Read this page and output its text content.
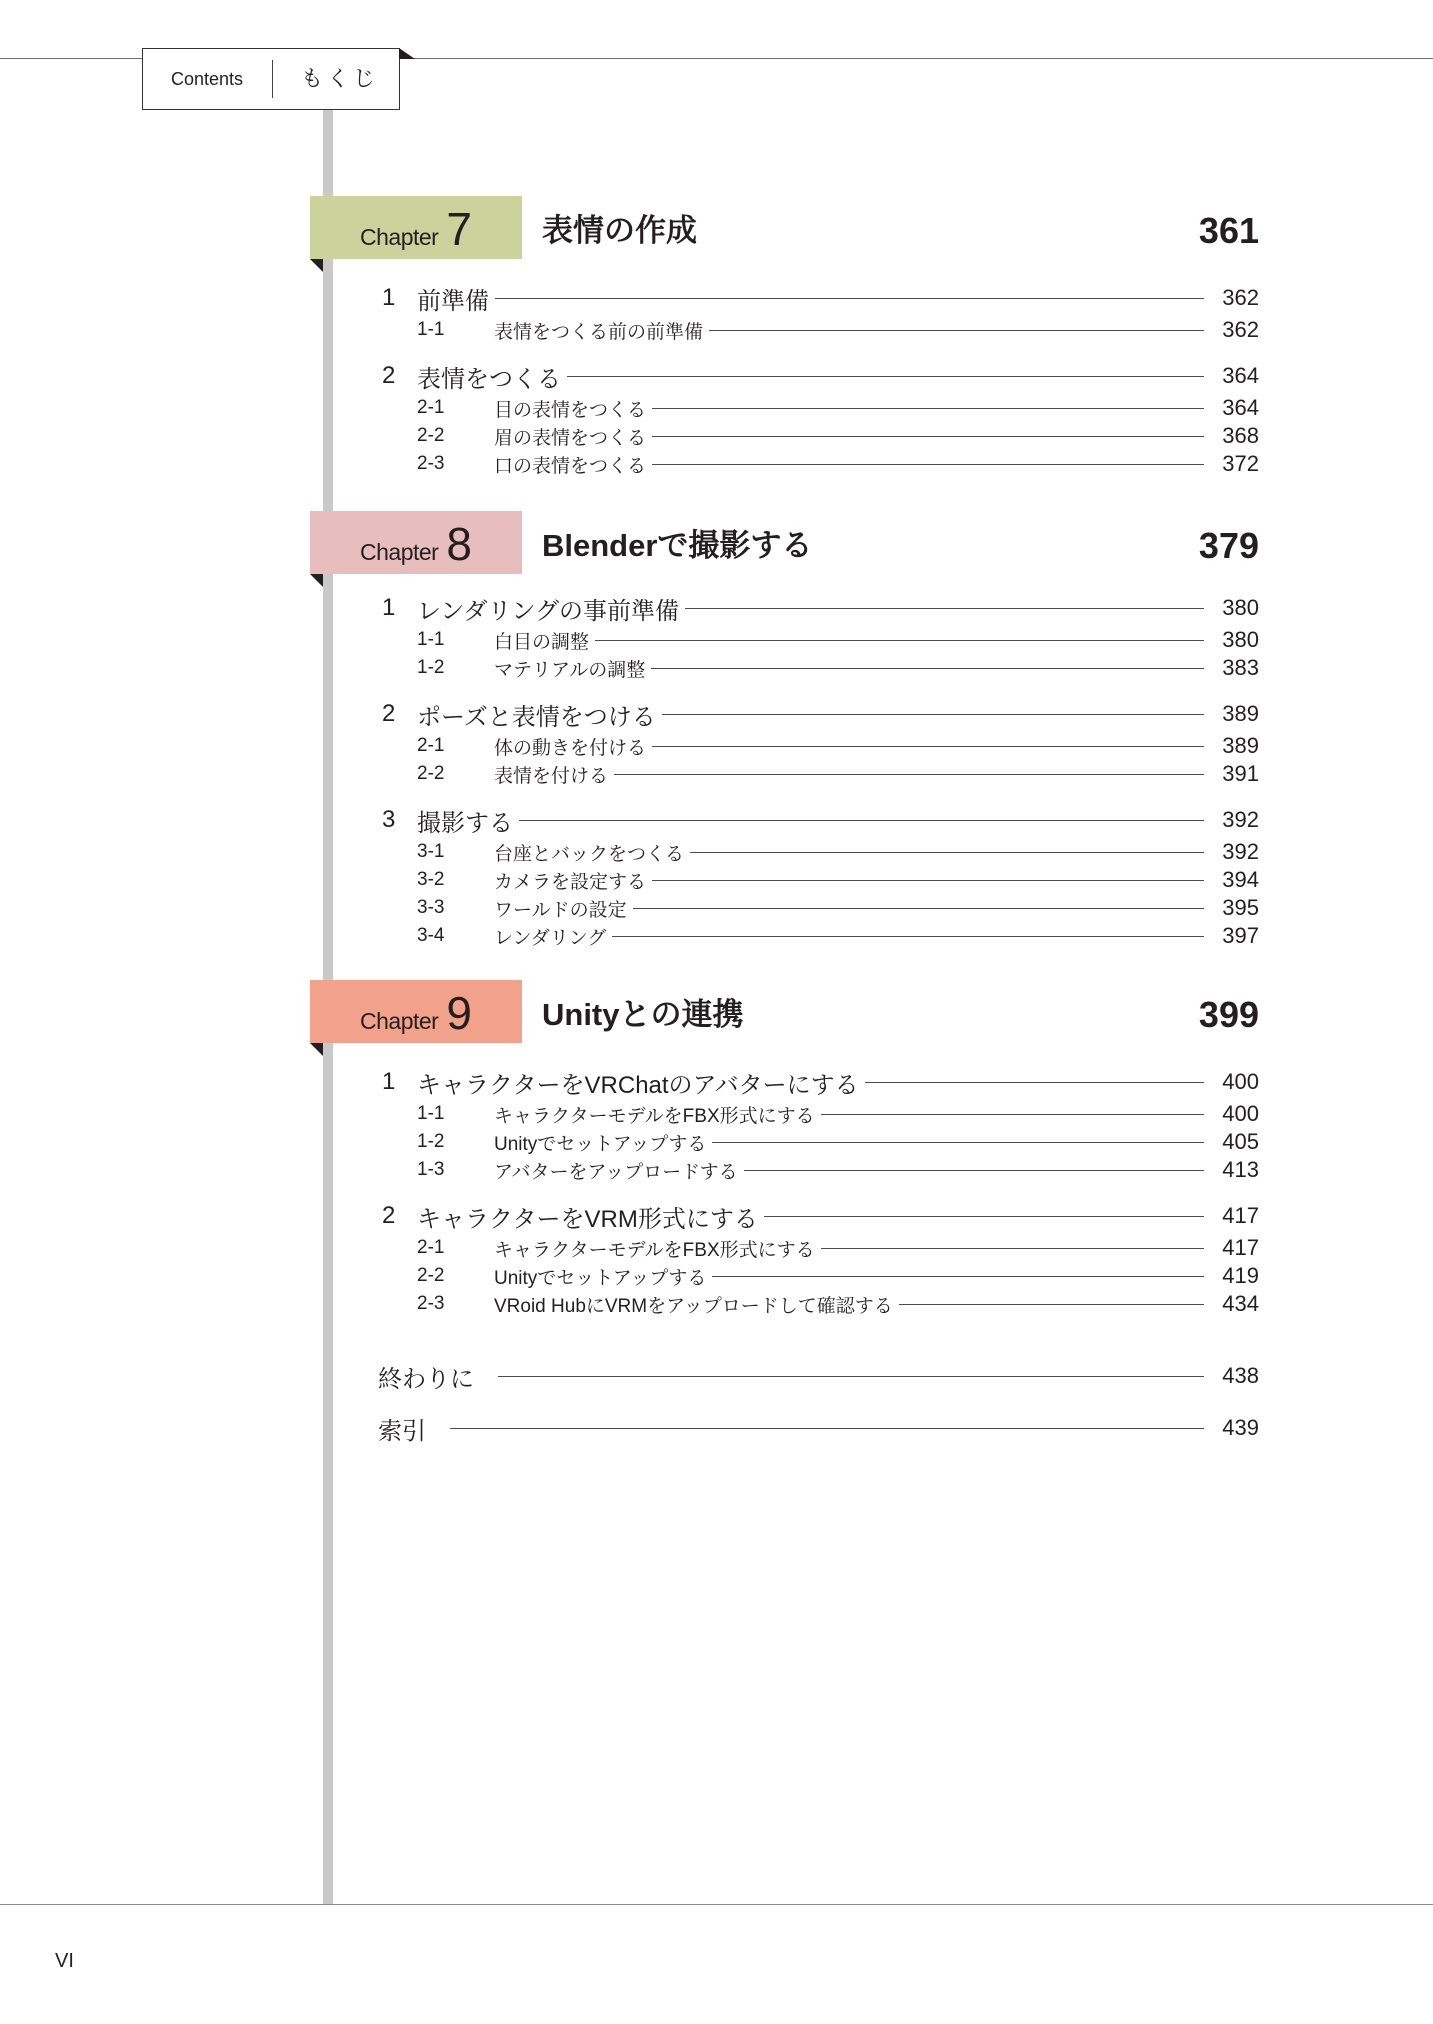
Contents	もくじ
Chapter 7 表情の作成	361
1 前準備	362
1-1	表情をつくる前の前準備	362
2 表情をつくる	364
2-1	目の表情をつくる	364
2-2	眉の表情をつくる	368
2-3	口の表情をつくる	372
Chapter 8 Blenderで撮影する	379
1 レンダリングの事前準備	380
1-1	白目の調整	380
1-2	マテリアルの調整	383
2 ポーズと表情をつける	389
2-1	体の動きを付ける	389
2-2	表情を付ける	391
3 撮影する	392
3-1	台座とバックをつくる	392
3-2	カメラを設定する	394
3-3	ワールドの設定	395
3-4	レンダリング	397
Chapter 9 Unityとの連携	399
1 キャラクターをVRChatのアバターにする	400
1-1	キャラクターモデルをFBX形式にする	400
1-2	Unityでセットアップする	405
1-3	アバターをアップロードする	413
2 キャラクターをVRM形式にする	417
2-1	キャラクターモデルをFBX形式にする	417
2-2	Unityでセットアップする	419
2-3	VRoid HubにVRMをアップロードして確認する	434
終わりに	438
索引	439
VI
